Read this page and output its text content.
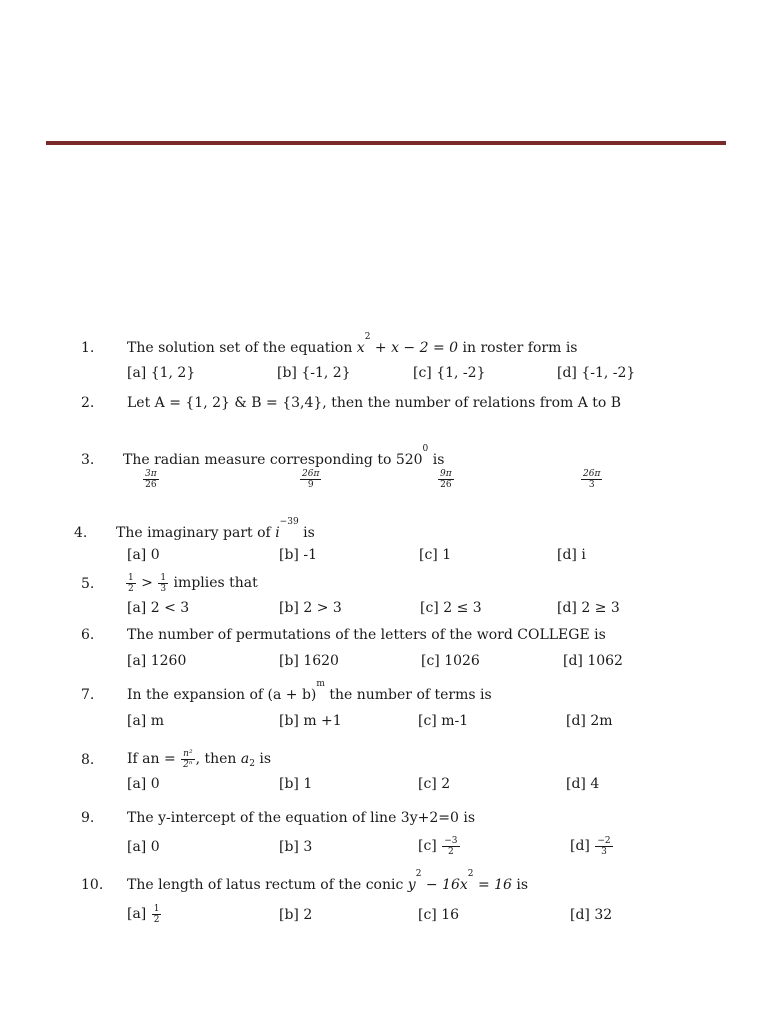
1. The solution set of the equation $x^2 + x - 2 = 0$ in roster form is
[a] {1, 2}	[b] {-1, 2}	[c] {1, -2}	[d] {-1, -2}
2. Let A = {1, 2} & B = {3,4}, then the number of relations from A to B
3. The radian measure corresponding to $520^0$ is
$\frac{3\pi}{26}$	$\frac{26\pi}{9}$	$\frac{9\pi}{26}$	$\frac{26\pi}{3}$
4. The imaginary part of $i^{-39}$ is
[a] 0	[b] -1	[c] 1	[d] i
5.	$\frac{1}{2} > \frac{1}{3}$ implies that
[a] 2 < 3	[b] 2 > 3	[c] 2 ≤ 3	[d] 2 ≥ 3
6. The number of permutations of the letters of the word COLLEGE is
[a] 1260	[b] 1620	[c] 1026	[d] 1062
7. In the expansion of $(a + b)^m$ the number of terms is
[a] m	[b] m +1	[c] m-1	[d] 2m
8. If an = $\frac{\text{n²}}{\text{2ⁿ}}$ , then $a_2$ is
[a] 0	[b] 1	[c] 2	[d] 4
9. The y-intercept of the equation of line 3y+2=0 is
[a] 0	[b] 3	$[c] \frac{-3}{2}$	$[d] \frac{-2}{3}$
10. The length of latus rectum of the conic $y^2 - 16x^2 = 16$ is
$[a] \frac{1}{2}$	[b] 2	[c] 16	[d] 32
